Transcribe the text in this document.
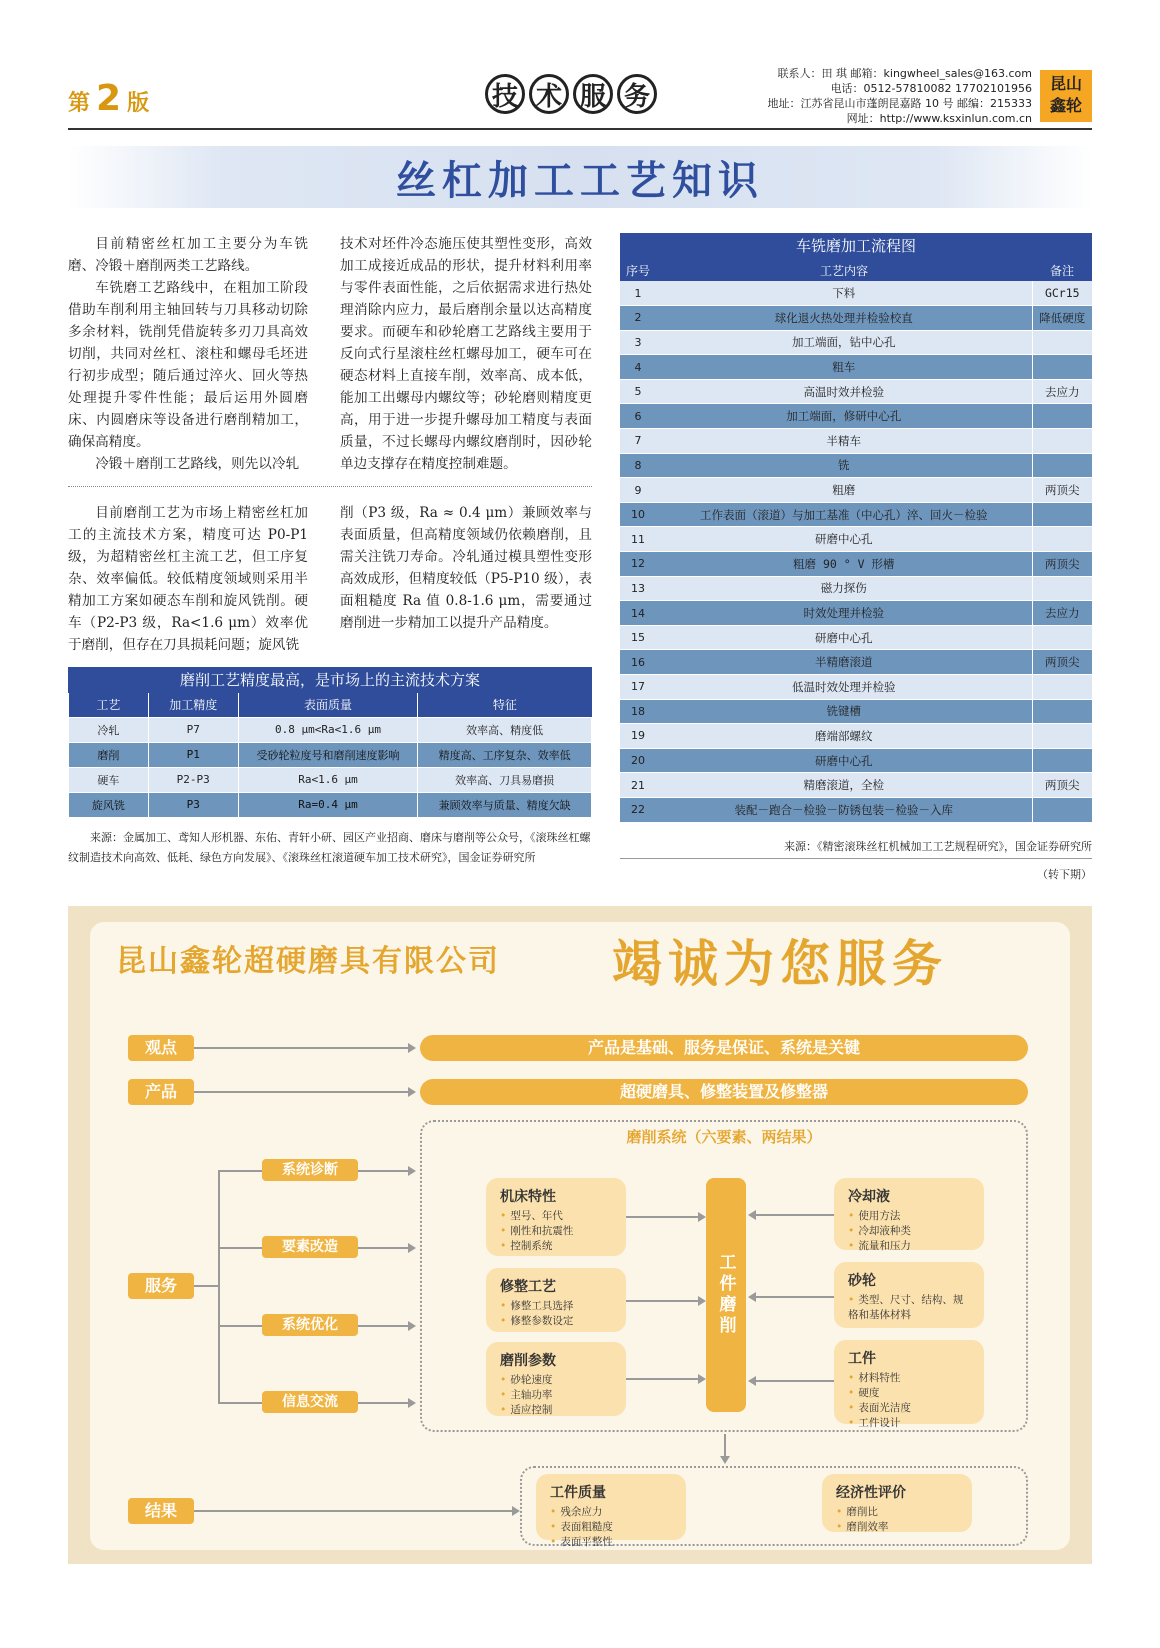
第 2 版	技 术 服 务
联系人：田 琪 邮箱：kingwheel_sales@163.com
电话：0512-57810082 17702101956
地址：江苏省昆山市蓬朗昆嘉路 10 号 邮编：215333
网址：http://www.ksxinlun.com.cn
昆山
鑫轮
丝杠加工工艺知识

目前精密丝杠加工主要分为车铣磨、冷锻＋磨削两类工艺路线。

车铣磨工艺路线中，在粗加工阶段借助车削利用主轴回转与刀具移动切除多余材料，铣削凭借旋转多刃刀具高效切削，共同对丝杠、滚柱和螺母毛坯进行初步成型；随后通过淬火、回火等热处理提升零件性能；最后运用外圆磨床、内圆磨床等设备进行磨削精加工，确保高精度。

冷锻＋磨削工艺路线，则先以冷轧

技术对坯件冷态施压使其塑性变形，高效加工成接近成品的形状，提升材料利用率与零件表面性能，之后依据需求进行热处理消除内应力，最后磨削余量以达高精度要求。而硬车和砂轮磨工艺路线主要用于反向式行星滚柱丝杠螺母加工，硬车可在硬态材料上直接车削，效率高、成本低，能加工出螺母内螺纹等；砂轮磨则精度更高，用于进一步提升螺母加工精度与表面质量，不过长螺母内螺纹磨削时，因砂轮单边支撑存在精度控制难题。

目前磨削工艺为市场上精密丝杠加工的主流技术方案，精度可达 P0-P1 级，为超精密丝杠主流工艺，但工序复杂、效率偏低。较低精度领域则采用半精加工方案如硬态车削和旋风铣削。硬车（P2-P3 级，Ra<1.6 μm）效率优于磨削，但存在刀具损耗问题；旋风铣

削（P3 级，Ra ≈ 0.4 μm）兼顾效率与表面质量，但高精度领域仍依赖磨削，且需关注铣刀寿命。冷轧通过模具塑性变形高效成形，但精度较低（P5-P10 级），表面粗糙度 Ra 值 0.8-1.6 μm，需要通过磨削进一步精加工以提升产品精度。
磨削工艺精度最高，是市场上的主流技术方案
工艺	加工精度	表面质量	特征
冷轧	P7	0.8 μm<Ra<1.6 μm	效率高、精度低
磨削	P1	受砂轮粒度号和磨削速度影响	精度高、工序复杂、效率低
硬车	P2-P3	Ra<1.6 μm	效率高、刀具易磨损
旋风铣	P3	Ra=0.4 μm	兼顾效率与质量、精度欠缺
来源：金属加工、鸢知人形机器、东佑、青轩小研、园区产业招商、磨床与磨削等公众号，《滚珠丝杠螺纹制造技术向高效、低耗、绿色方向发展》、《滚珠丝杠滚道硬车加工技术研究》，国金证券研究所
车铣磨加工流程图
序号	工艺内容	备注
1	下料	GCr15
2	球化退火热处理并检验校直	降低硬度
3	加工端面，钻中心孔	
4	粗车	
5	高温时效并检验	去应力
6	加工端面，修研中心孔	
7	半精车	
8	铣	
9	粗磨	两顶尖
10	工作表面（滚道）与加工基准（中心孔）淬、回火－检验	
11	研磨中心孔	
12	粗磨 90 ° V 形槽	两顶尖
13	磁力探伤	
14	时效处理并检验	去应力
15	研磨中心孔	
16	半精磨滚道	两顶尖
17	低温时效处理并检验	
18	铣键槽	
19	磨端部螺纹	
20	研磨中心孔	
21	精磨滚道，全检	两顶尖
22	装配－跑合－检验－防锈包装－检验－入库	
来源：《精密滚珠丝杠机械加工工艺规程研究》，国金证券研究所
（转下期）
昆山鑫轮超硬磨具有限公司 竭诚为您服务
观点	产品是基础、服务是保证、系统是关键
产品	超硬磨具、修整装置及修整器
服务
系统诊断
要素改造
系统优化
信息交流
磨削系统（六要素、两结果）
工件磨削
机床特性
• 型号、年代
• 刚性和抗震性
• 控制系统
修整工艺
• 修整工具选择
• 修整参数设定
磨削参数
• 砂轮速度
• 主轴功率
• 适应控制
冷却液
• 使用方法
• 冷却液种类
• 流量和压力
砂轮
• 类型、尺寸、结构、规格和基体材料
工件
• 材料特性
• 硬度
• 表面光洁度
• 工件设计
结果
工件质量
• 残余应力
• 表面粗糙度
• 表面平整性
经济性评价
• 磨削比
• 磨削效率
